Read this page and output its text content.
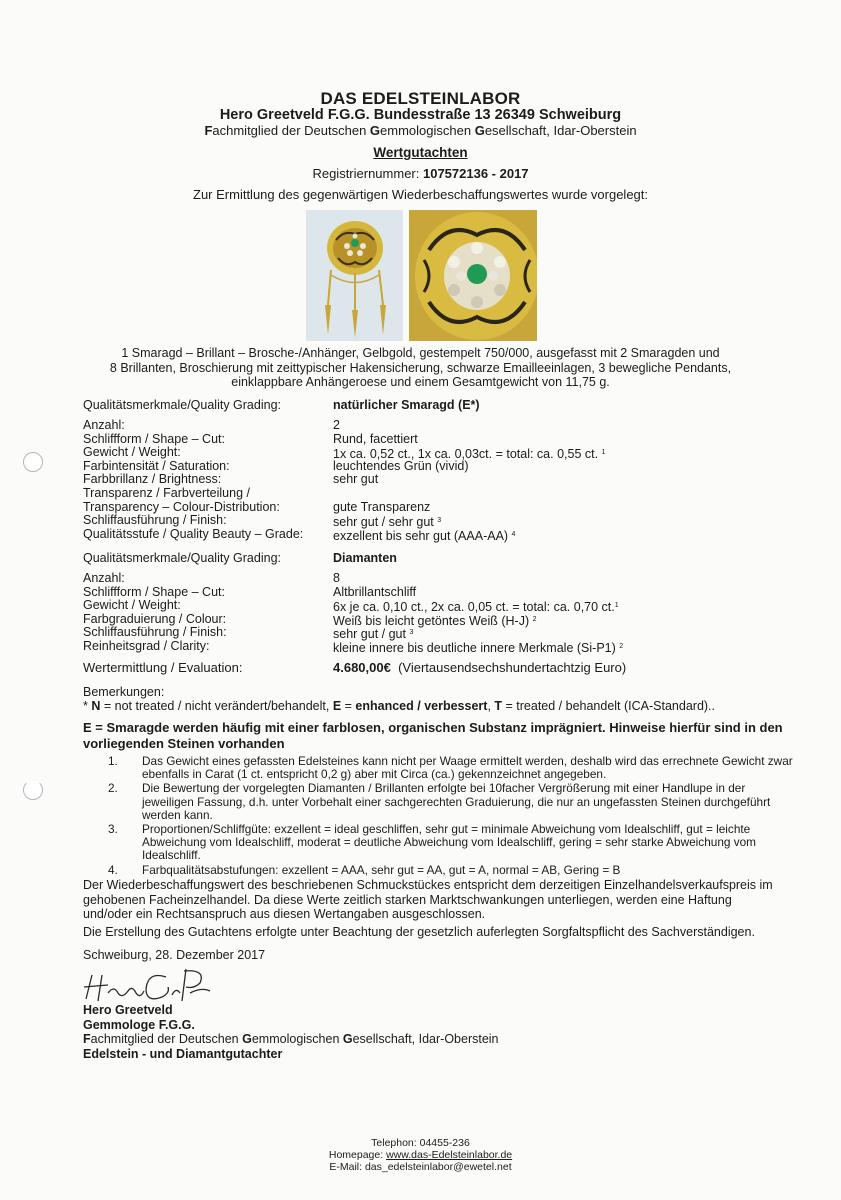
DAS EDELSTEINLABOR
Hero Greetveld F.G.G. Bundesstraße 13 26349 Schweiburg
Fachmitglied der Deutschen Gemmologischen Gesellschaft, Idar-Oberstein
Wertgutachten
Registriernummer: 107572136 - 2017
Zur Ermittlung des gegenwärtigen Wiederbeschaffungswertes wurde vorgelegt:
1 Smaragd – Brillant – Brosche-/Anhänger, Gelbgold, gestempelt 750/000, ausgefasst mit 2 Smaragden und
8 Brillanten, Broschierung mit zeittypischer Hakensicherung, schwarze Emailleeinlagen, 3 bewegliche Pendants,
einklappbare Anhängeroese und einem Gesamtgewicht von 11,75 g.
Qualitätsmerkmale/Quality Grading:	natürlicher Smaragd (E*)
Anzahl:	2
Schliffform / Shape – Cut:	Rund, facettiert
Gewicht / Weight:	1x ca. 0,52 ct., 1x ca. 0,03ct. = total: ca. 0,55 ct. $^1$
Farbintensität / Saturation:	leuchtendes Grün (vivid)
Farbbrillanz / Brightness:	sehr gut
Transparenz / Farbverteilung /
Transparency – Colour-Distribution:	gute Transparenz
Schliffausführung / Finish:	sehr gut / sehr gut $^3$
Qualitätsstufe / Quality Beauty – Grade: exzellent bis sehr gut (AAA-AA) $^4$
Qualitätsmerkmale/Quality Grading:	Diamanten
Anzahl:	8
Schliffform / Shape – Cut:	Altbrillantschliff
Gewicht / Weight:	6x je ca. 0,10 ct., 2x ca. 0,05 ct. = total: ca. 0,70 ct.$^1$
Farbgraduierung / Colour:	Weiß bis leicht getöntes Weiß (H-J) $^2$
Schliffausführung / Finish:	sehr gut / gut $^3$
Reinheitsgrad / Clarity:	kleine innere bis deutliche innere Merkmale (Si-P1) $^2$
Wertermittlung / Evaluation:	4.680,00€  (Viertausendsechshundertachtzig Euro)
Bemerkungen:
* N = not treated / nicht verändert/behandelt, E = enhanced / verbessert, T = treated / behandelt (ICA-Standard)..
E = Smaragde werden häufig mit einer farblosen, organischen Substanz imprägniert. Hinweise hierfür sind in den vorliegenden Steinen vorhanden
1. Das Gewicht eines gefassten Edelsteines kann nicht per Waage ermittelt werden, deshalb wird das errechnete Gewicht zwar ebenfalls in Carat (1 ct. entspricht 0,2 g) aber mit Circa (ca.) gekennzeichnet angegeben.
2. Die Bewertung der vorgelegten Diamanten / Brillanten erfolgte bei 10facher Vergrößerung mit einer Handlupe in der jeweiligen Fassung, d.h. unter Vorbehalt einer sachgerechten Graduierung, die nur an ungefassten Steinen durchgeführt werden kann.
3. Proportionen/Schliffgüte: exzellent = ideal geschliffen, sehr gut = minimale Abweichung vom Idealschliff, gut = leichte Abweichung vom Idealschliff, moderat = deutliche Abweichung vom Idealschliff, gering = sehr starke Abweichung vom Idealschliff.
4. Farbqualitätsabstufungen: exzellent = AAA, sehr gut = AA, gut = A, normal = AB, Gering = B
Der Wiederbeschaffungswert des beschriebenen Schmuckstückes entspricht dem derzeitigen Einzelhandelsverkaufspreis im gehobenen Facheinzelhandel. Da diese Werte zeitlich starken Marktschwankungen unterliegen, werden eine Haftung und/oder ein Rechtsanspruch aus diesen Wertangaben ausgeschlossen.
Die Erstellung des Gutachtens erfolgte unter Beachtung der gesetzlich auferlegten Sorgfaltspflicht des Sachverständigen.
Schweiburg, 28. Dezember 2017
Hero Greetveld
Gemmologe F.G.G.
Fachmitglied der Deutschen Gemmologischen Gesellschaft, Idar-Oberstein
Edelstein - und Diamantgutachter
Telephon: 04455-236
Homepage: www.das-Edelsteinlabor.de
E-Mail: das_edelsteinlabor@ewetel.net
